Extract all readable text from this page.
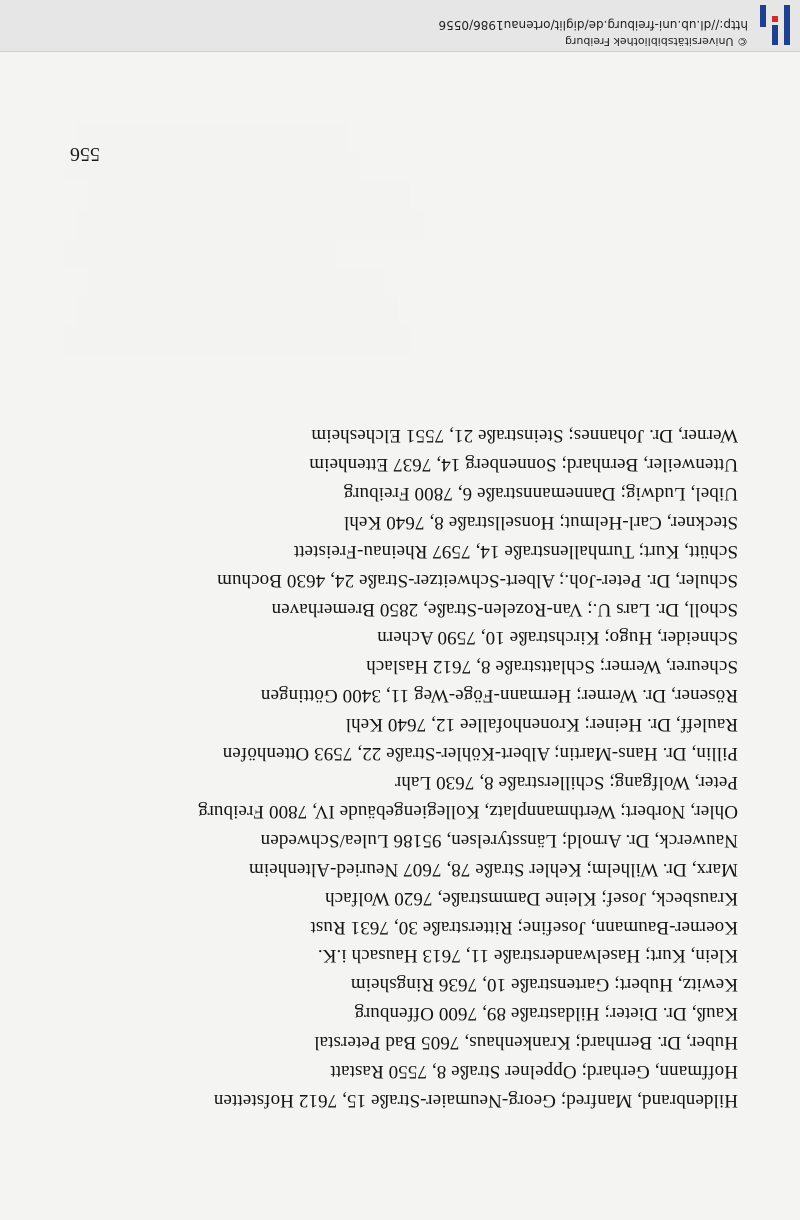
Hildenbrand, Manfred; Georg-Neumaier-Straße 15, 7612 Hofstetten
Hoffmann, Gerhard; Oppelner Straße 8, 7550 Rastatt
Huber, Dr. Bernhard; Krankenhaus, 7605 Bad Peterstal
Kauß, Dr. Dieter; Hildastraße 89, 7600 Offenburg
Kewitz, Hubert; Gartenstraße 10, 7636 Ringsheim
Klein, Kurt; Haselwanderstraße 11, 7613 Hausach i.K.
Koerner-Baumann, Josefine; Ritterstraße 30, 7631 Rust
Krausbeck, Josef; Kleine Dammstraße, 7620 Wolfach
Marx, Dr. Wilhelm; Kehler Straße 78, 7607 Neuried-Altenheim
Nauwerck, Dr. Arnold; Länsstyrelsen, 95186 Lulea/Schweden
Ohler, Norbert; Werthmannplatz, Kollegiengebäude IV, 7800 Freiburg
Peter, Wolfgang; Schillerstraße 8, 7630 Lahr
Pillin, Dr. Hans-Martin; Albert-Köhler-Straße 22, 7593 Ottenhöfen
Rauleff, Dr. Heiner; Kronenhofallee 12, 7640 Kehl
Rösener, Dr. Werner; Hermann-Föge-Weg 11, 3400 Göttingen
Scheurer, Werner; Schlattstraße 8, 7612 Haslach
Schneider, Hugo; Kirchstraße 10, 7590 Achern
Scholl, Dr. Lars U.; Van-Rozelen-Straße, 2850 Bremerhaven
Schuler, Dr. Peter-Joh.; Albert-Schweitzer-Straße 24, 4630 Bochum
Schütt, Kurt; Turnhallenstraße 14, 7597 Rheinau-Freistett
Steckner, Carl-Helmut; Honsellstraße 8, 7640 Kehl
Uibel, Ludwig; Dannemannstraße 6, 7800 Freiburg
Uttenweiler, Bernhard; Sonnenberg 14, 7637 Ettenheim
Werner, Dr. Johannes; Steinstraße 21, 7551 Elchesheim
556
http://dl.ub.uni-freiburg.de/diglit/ortenau1986/0556
© Universitätsbibliothek Freiburg
